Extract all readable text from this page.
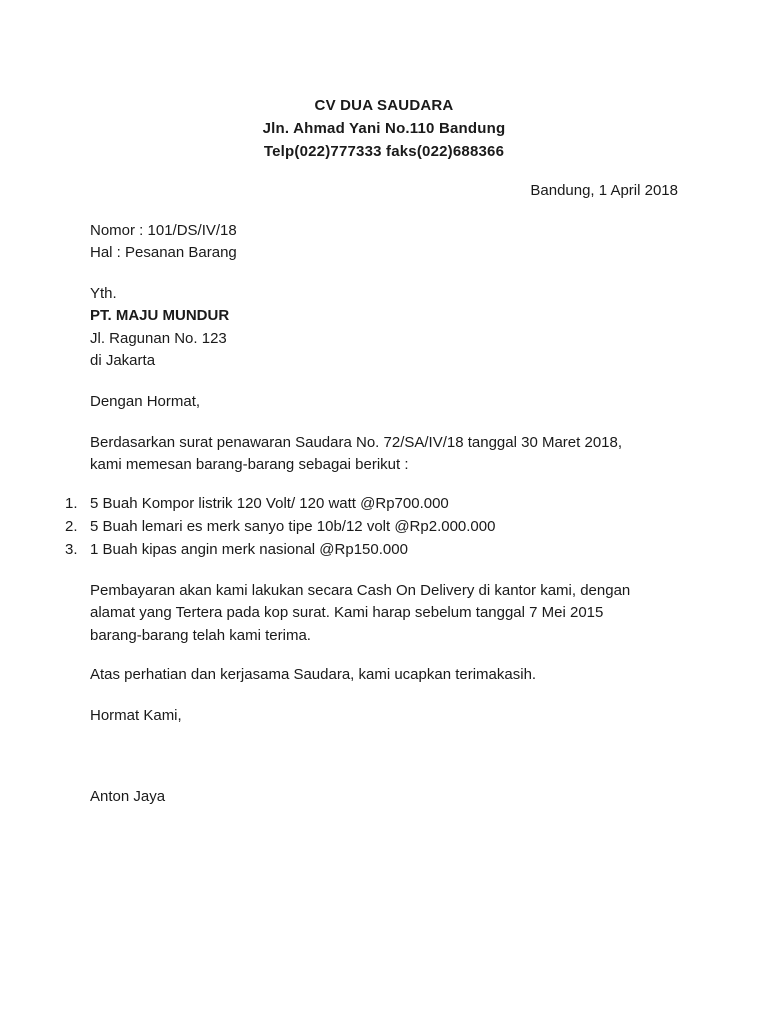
CV DUA SAUDARA
Jln. Ahmad Yani No.110 Bandung
Telp(022)777333 faks(022)688366
Bandung, 1 April 2018
Nomor : 101/DS/IV/18
Hal : Pesanan Barang
Yth.
PT. MAJU MUNDUR
Jl. Ragunan No. 123
di Jakarta
Dengan Hormat,
Berdasarkan surat penawaran Saudara No. 72/SA/IV/18 tanggal 30 Maret 2018,
kami memesan barang-barang sebagai berikut :
1. 5 Buah Kompor listrik 120 Volt/ 120 watt @Rp700.000
2. 5 Buah lemari es merk sanyo tipe 10b/12 volt @Rp2.000.000
3. 1 Buah kipas angin merk nasional @Rp150.000
Pembayaran akan kami lakukan secara Cash On Delivery di kantor kami, dengan
alamat yang Tertera pada kop surat. Kami harap sebelum tanggal 7 Mei 2015
barang-barang telah kami terima.
Atas perhatian dan kerjasama Saudara, kami ucapkan terimakasih.
Hormat Kami,
Anton Jaya
